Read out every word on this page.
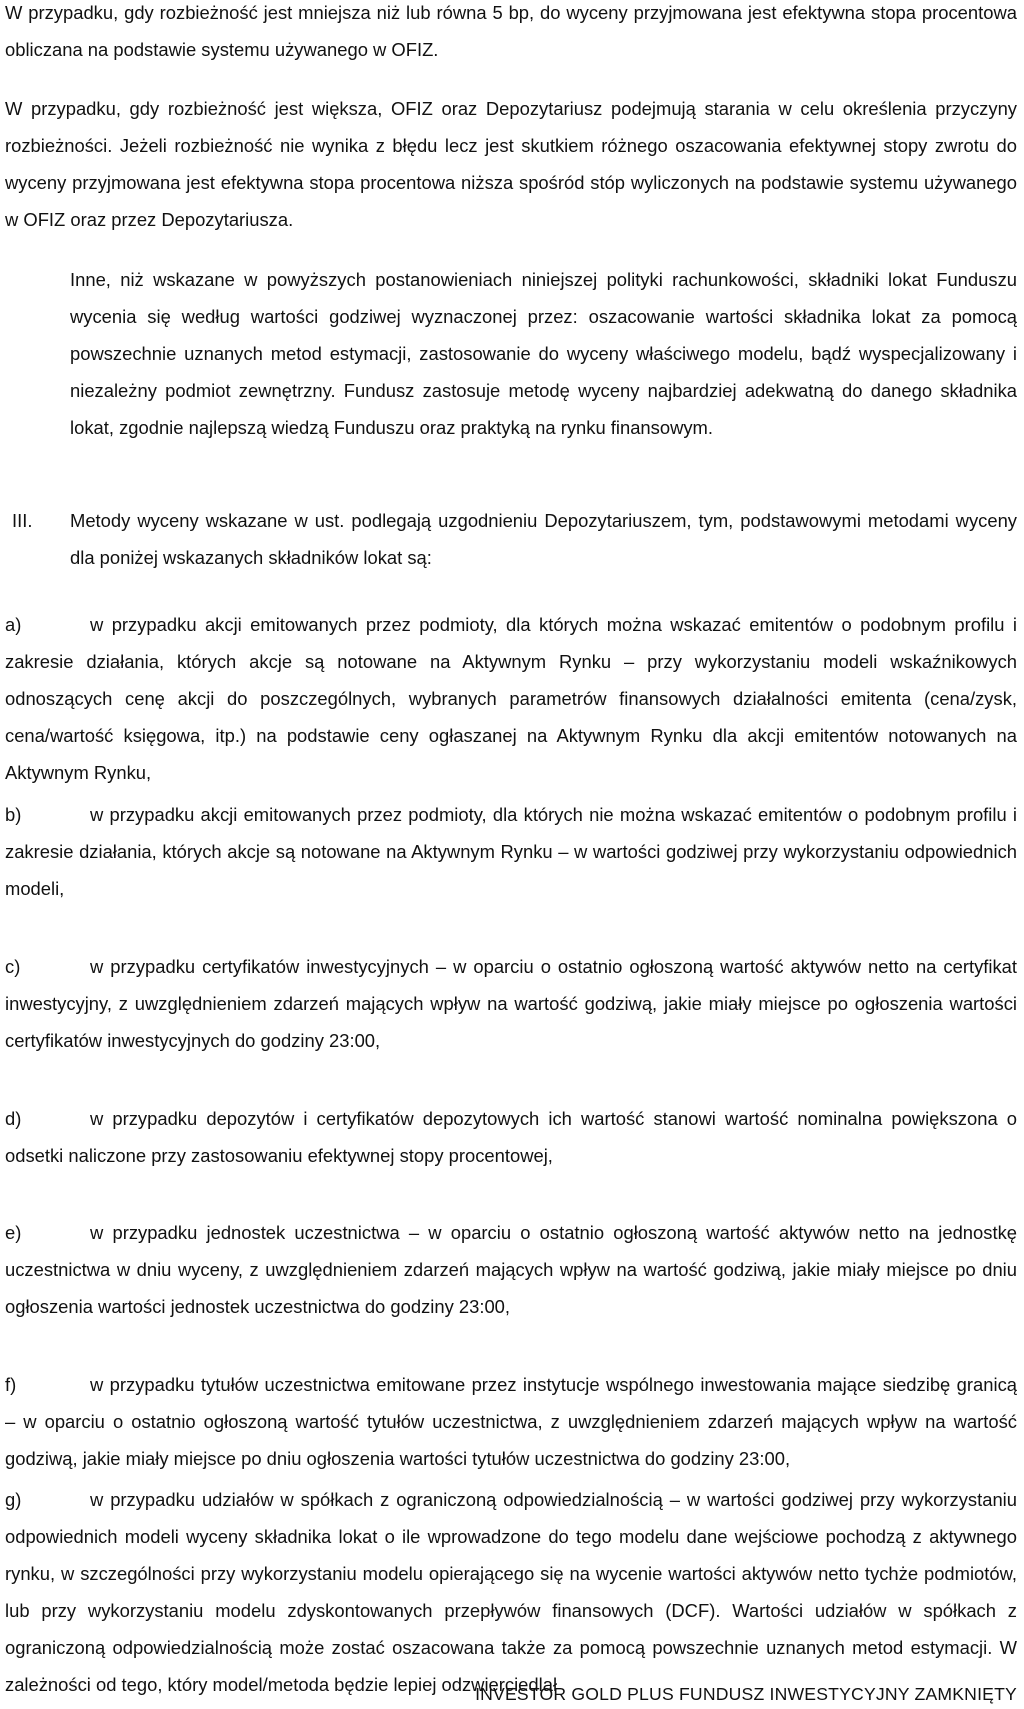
W przypadku, gdy rozbieżność jest mniejsza niż lub równa 5 bp, do wyceny przyjmowana jest efektywna stopa procentowa obliczana na podstawie systemu używanego w OFIZ.

W przypadku, gdy rozbieżność jest większa, OFIZ oraz Depozytariusz podejmują starania w celu określenia przyczyny rozbieżności. Jeżeli rozbieżność nie wynika z błędu lecz jest skutkiem różnego oszacowania efektywnej stopy zwrotu do wyceny przyjmowana jest efektywna stopa procentowa niższa spośród stóp wyliczonych na podstawie systemu używanego w OFIZ oraz przez Depozytariusza.

Inne, niż wskazane w powyższych postanowieniach niniejszej polityki rachunkowości, składniki lokat Funduszu wycenia się według wartości godziwej wyznaczonej przez: oszacowanie wartości składnika lokat za pomocą powszechnie uznanych metod estymacji, zastosowanie do wyceny właściwego modelu, bądź wyspecjalizowany i niezależny podmiot zewnętrzny. Fundusz zastosuje metodę wyceny najbardziej adekwatną do danego składnika lokat, zgodnie najlepszą wiedzą Funduszu oraz praktyką na rynku finansowym.

III. Metody wyceny wskazane w ust. podlegają uzgodnieniu Depozytariuszem, tym, podstawowymi metodami wyceny dla poniżej wskazanych składników lokat są:

a)	w przypadku akcji emitowanych przez podmioty, dla których można wskazać emitentów o podobnym profilu i zakresie działania, których akcje są notowane na Aktywnym Rynku – przy wykorzystaniu modeli wskaźnikowych odnoszących cenę akcji do poszczególnych, wybranych parametrów finansowych działalności emitenta (cena/zysk, cena/wartość księgowa, itp.) na podstawie ceny ogłaszanej na Aktywnym Rynku dla akcji emitentów notowanych na Aktywnym Rynku,

b)	w przypadku akcji emitowanych przez podmioty, dla których nie można wskazać emitentów o podobnym profilu i zakresie działania, których akcje są notowane na Aktywnym Rynku – w wartości godziwej przy wykorzystaniu odpowiednich modeli,

c)	w przypadku certyfikatów inwestycyjnych – w oparciu o ostatnio ogłoszoną wartość aktywów netto na certyfikat inwestycyjny, z uwzględnieniem zdarzeń mających wpływ na wartość godziwą, jakie miały miejsce po ogłoszenia wartości certyfikatów inwestycyjnych do godziny 23:00,

d)	w przypadku depozytów i certyfikatów depozytowych ich wartość stanowi wartość nominalna powiększona o odsetki naliczone przy zastosowaniu efektywnej stopy procentowej,

e)	w przypadku jednostek uczestnictwa – w oparciu o ostatnio ogłoszoną wartość aktywów netto na jednostkę uczestnictwa w dniu wyceny, z uwzględnieniem zdarzeń mających wpływ na wartość godziwą, jakie miały miejsce po dniu ogłoszenia wartości jednostek uczestnictwa do godziny 23:00,

f)	w przypadku tytułów uczestnictwa emitowane przez instytucje wspólnego inwestowania mające siedzibę granicą – w oparciu o ostatnio ogłoszoną wartość tytułów uczestnictwa, z uwzględnieniem zdarzeń mających wpływ na wartość godziwą, jakie miały miejsce po dniu ogłoszenia wartości tytułów uczestnictwa do godziny 23:00,

g)	w przypadku udziałów w spółkach z ograniczoną odpowiedzialnością – w wartości godziwej przy wykorzystaniu odpowiednich modeli wyceny składnika lokat o ile wprowadzone do tego modelu dane wejściowe pochodzą z aktywnego rynku, w szczególności przy wykorzystaniu modelu opierającego się na wycenie wartości aktywów netto tychże podmiotów, lub przy wykorzystaniu modelu zdyskontowanych przepływów finansowych (DCF). Wartości udziałów w spółkach z ograniczoną odpowiedzialnością może zostać oszacowana także za pomocą powszechnie uznanych metod estymacji. W zależności od tego, który model/metoda będzie lepiej odzwierciedlał

INVESTOR GOLD PLUS FUNDUSZ INWESTYCYJNY ZAMKNIĘTY
